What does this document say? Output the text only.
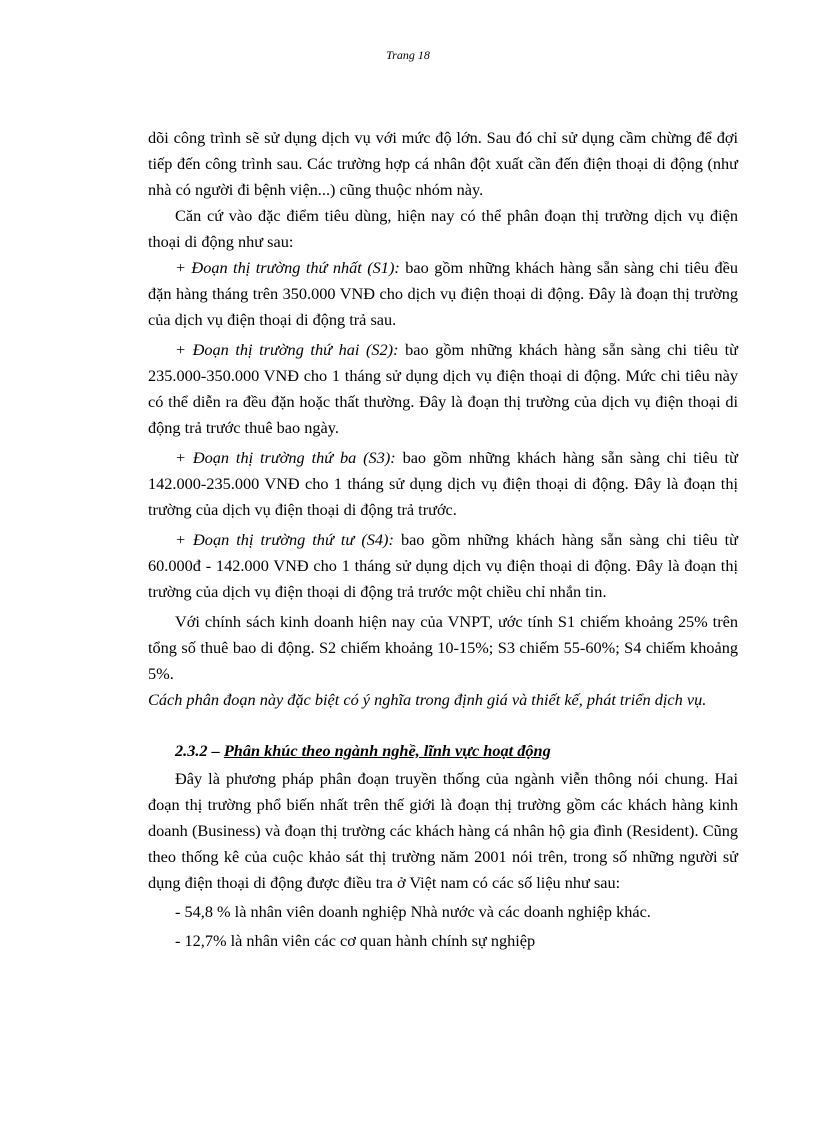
Trang 18

dõi công trình sẽ sử dụng dịch vụ với mức độ lớn. Sau đó chỉ sử dụng cầm chừng để đợi tiếp đến công trình sau. Các trường hợp cá nhân đột xuất cần đến điện thoại di động (như nhà có người đi bệnh viện...) cũng thuộc nhóm này.

Căn cứ vào đặc điểm tiêu dùng, hiện nay có thể phân đoạn thị trường dịch vụ điện thoại di động như sau:

+ Đoạn thị trường thứ nhất (S1): bao gồm những khách hàng sẵn sàng chi tiêu đều đặn hàng tháng trên 350.000 VNĐ cho dịch vụ điện thoại di động. Đây là đoạn thị trường của dịch vụ điện thoại di động trả sau.

+ Đoạn thị trường thứ hai (S2): bao gồm những khách hàng sẵn sàng chi tiêu từ 235.000-350.000 VNĐ cho 1 tháng sử dụng dịch vụ điện thoại di động. Mức chi tiêu này có thể diễn ra đều đặn hoặc thất thường. Đây là đoạn thị trường của dịch vụ điện thoại di động trả trước thuê bao ngày.

+ Đoạn thị trường thứ ba (S3): bao gồm những khách hàng sẵn sàng chi tiêu từ 142.000-235.000 VNĐ cho 1 tháng sử dụng dịch vụ điện thoại di động. Đây là đoạn thị trường của dịch vụ điện thoại di động trả trước.

+ Đoạn thị trường thứ tư (S4): bao gồm những khách hàng sẵn sàng chi tiêu từ 60.000đ - 142.000 VNĐ cho 1 tháng sử dụng dịch vụ điện thoại di động. Đây là đoạn thị trường của dịch vụ điện thoại di động trả trước một chiều chỉ nhắn tin.

Với chính sách kinh doanh hiện nay của VNPT, ước tính S1 chiếm khoảng 25% trên tổng số thuê bao di động. S2 chiếm khoảng 10-15%; S3 chiếm 55-60%; S4 chiếm khoảng 5%.

Cách phân đoạn này đặc biệt có ý nghĩa trong định giá và thiết kế, phát triển dịch vụ.

2.3.2 – Phân khúc theo ngành nghề, lĩnh vực hoạt động

Đây là phương pháp phân đoạn truyền thống của ngành viễn thông nói chung. Hai đoạn thị trường phổ biến nhất trên thế giới là đoạn thị trường gồm các khách hàng kinh doanh (Business) và đoạn thị trường các khách hàng cá nhân hộ gia đình (Resident). Cũng theo thống kê của cuộc khảo sát thị trường năm 2001 nói trên, trong số những người sử dụng điện thoại di động được điều tra ở Việt nam có các số liệu như sau:

- 54,8 % là nhân viên doanh nghiệp Nhà nước và các doanh nghiệp khác.

- 12,7% là nhân viên các cơ quan hành chính sự nghiệp
